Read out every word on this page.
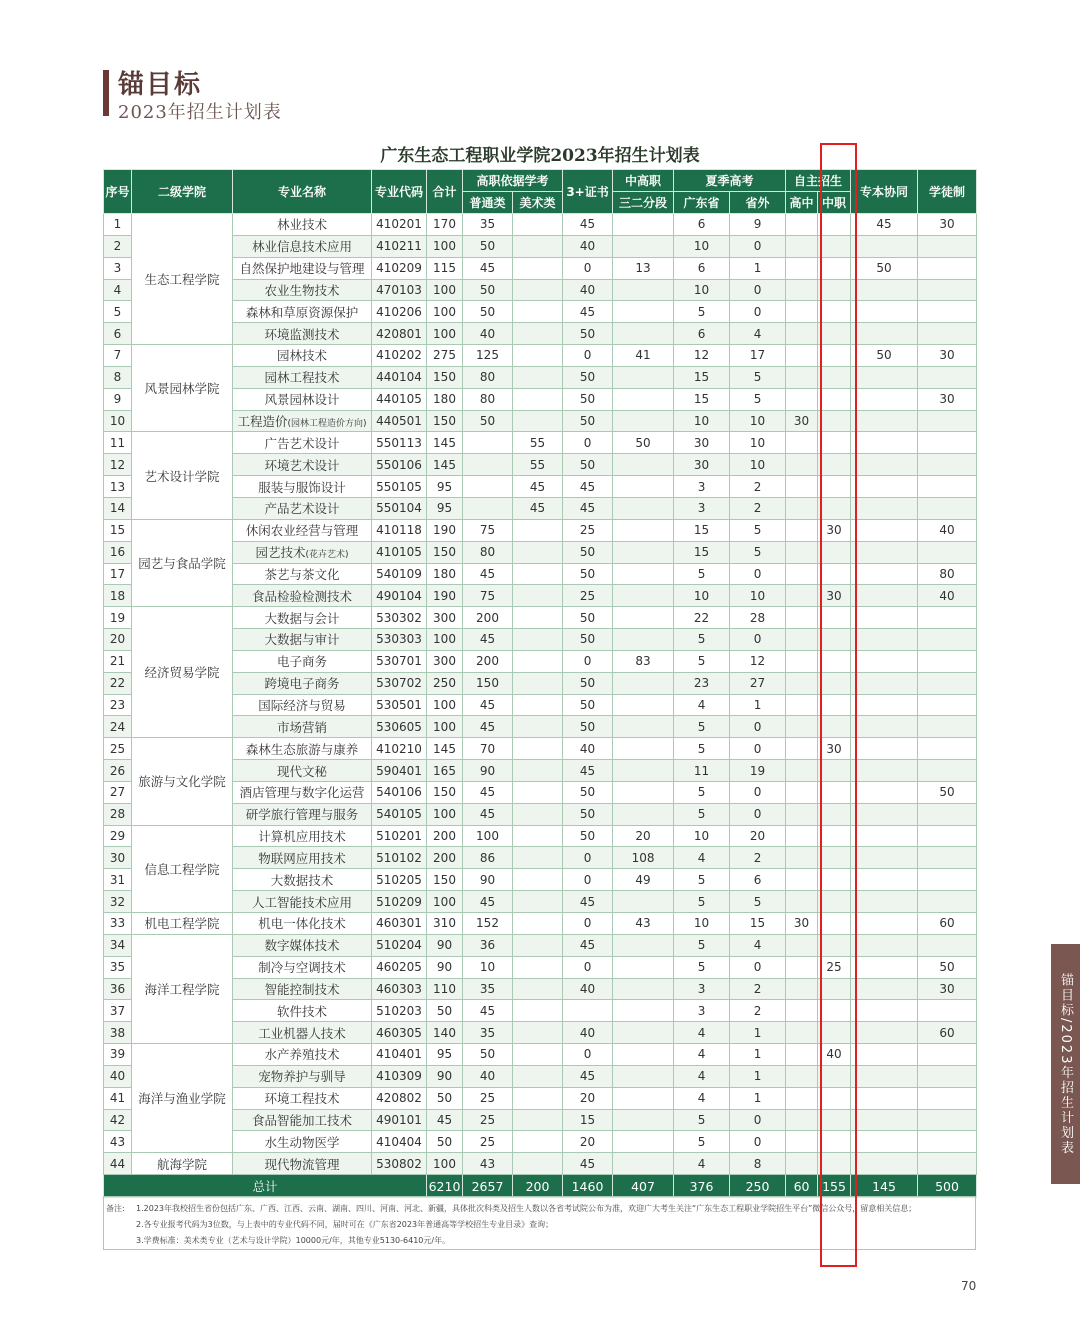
锚目标
2023年招生计划表
广东生态工程职业学院2023年招生计划表
序号	二级学院	专业名称	专业代码	合计	高职依据学考		3+证书	中高职	夏季高考		自主招生		专本协同	学徒制
					普通类	美术类		三二分段	广东省	省外	高中	中职		
1	生态工程学院	林业技术	410201	170	35		45		6	9			45	30
2		林业信息技术应用	410211	100	50		40		10	0				
3		自然保护地建设与管理	410209	115	45		0	13	6	1			50	
4		农业生物技术	470103	100	50		40		10	0				
5		森林和草原资源保护	410206	100	50		45		5	0				
6		环境监测技术	420801	100	40		50		6	4				
7	风景园林学院	园林技术	410202	275	125		0	41	12	17			50	30
8		园林工程技术	440104	150	80		50		15	5				
9		风景园林设计	440105	180	80		50		15	5				30
10		工程造价(园林工程造价方向)	440501	150	50		50		10	10	30			
11	艺术设计学院	广告艺术设计	550113	145		55	0	50	30	10				
12		环境艺术设计	550106	145		55	50		30	10				
13		服装与服饰设计	550105	95		45	45		3	2				
14		产品艺术设计	550104	95		45	45		3	2				
15	园艺与食品学院	休闲农业经营与管理	410118	190	75		25		15	5		30		40
16		园艺技术(花卉艺术)	410105	150	80		50		15	5				
17		茶艺与茶文化	540109	180	45		50		5	0				80
18		食品检验检测技术	490104	190	75		25		10	10		30		40
19	经济贸易学院	大数据与会计	530302	300	200		50		22	28				
20		大数据与审计	530303	100	45		50		5	0				
21		电子商务	530701	300	200		0	83	5	12				
22		跨境电子商务	530702	250	150		50		23	27				
23		国际经济与贸易	530501	100	45		50		4	1				
24		市场营销	530605	100	45		50		5	0				
25	旅游与文化学院	森林生态旅游与康养	410210	145	70		40		5	0		30		
26		现代文秘	590401	165	90		45		11	19				
27		酒店管理与数字化运营	540106	150	45		50		5	0				50
28		研学旅行管理与服务	540105	100	45		50		5	0				
29	信息工程学院	计算机应用技术	510201	200	100		50	20	10	20				
30		物联网应用技术	510102	200	86		0	108	4	2				
31		大数据技术	510205	150	90		0	49	5	6				
32		人工智能技术应用	510209	100	45		45		5	5				
33	机电工程学院	机电一体化技术	460301	310	152		0	43	10	15	30			60
34	海洋工程学院	数字媒体技术	510204	90	36		45		5	4				
35		制冷与空调技术	460205	90	10		0		5	0		25		50
36		智能控制技术	460303	110	35		40		3	2				30
37		软件技术	510203	50	45				3	2				
38		工业机器人技术	460305	140	35		40		4	1				60
39	海洋与渔业学院	水产养殖技术	410401	95	50		0		4	1		40		
40		宠物养护与驯导	410309	90	40		45		4	1				
41		环境工程技术	420802	50	25		20		4	1				
42		食品智能加工技术	490101	45	25		15		5	0				
43		水生动物医学	410404	50	25		20		5	0				
44	航海学院	现代物流管理	530802	100	43		45		4	8				
总计				6210	2657	200	1460	407	376	250	60	155	145	500
备注: 1.2023年我校招生省份包括广东、广西、江西、云南、湖南、四川、河南、河北、新疆，具体批次科类及招生人数以各省考试院公布为准，欢迎广大考生关注“广东生态工程职业学院招生平台”微信公众号，留意相关信息；
2.各专业报考代码为3位数，与上表中的专业代码不同，届时可在《广东省2023年普通高等学校招生专业目录》查询；
3.学费标准：美术类专业（艺术与设计学院）10000元/年，其他专业5130-6410元/年。
锚目标/2023年招生计划表
70
